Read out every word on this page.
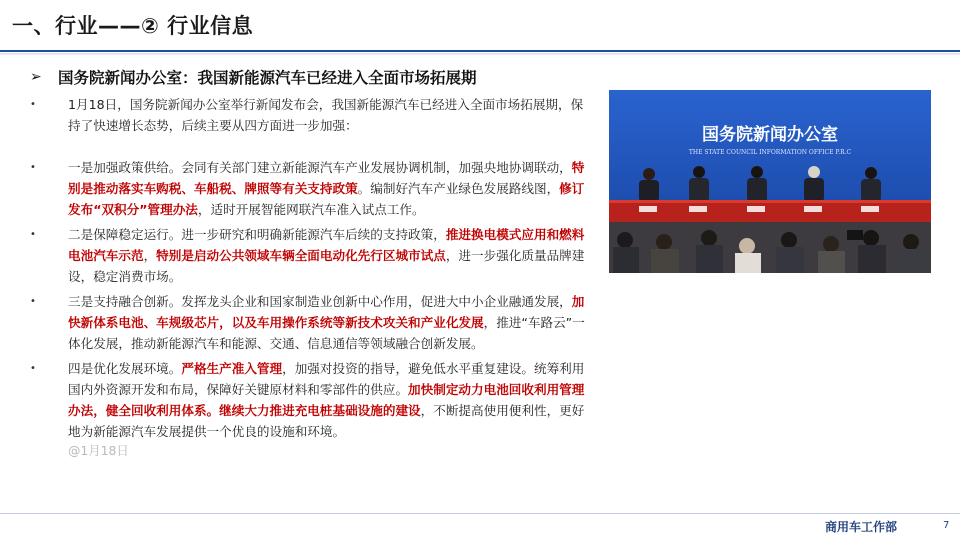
一、行业——② 行业信息
➢	国务院新闻办公室：我国新能源汽车已经进入全面市场拓展期
•	1月18日，国务院新闻办公室举行新闻发布会，我国新能源汽车已经进入全面市场拓展期，保持了快速增长态势，后续主要从四方面进一步加强：
•	一是加强政策供给。会同有关部门建立新能源汽车产业发展协调机制，加强央地协调联动，特别是推动落实车购税、车船税、牌照等有关支持政策。编制好汽车产业绿色发展路线图，修订发布“双积分”管理办法，适时开展智能网联汽车准入试点工作。
•	二是保障稳定运行。进一步研究和明确新能源汽车后续的支持政策，推进换电模式应用和燃料电池汽车示范，特别是启动公共领域车辆全面电动化先行区城市试点，进一步强化质量品牌建设，稳定消费市场。
•	三是支持融合创新。发挥龙头企业和国家制造业创新中心作用，促进大中小企业融通发展，加快新体系电池、车规级芯片，以及车用操作系统等新技术攻关和产业化发展，推进“车路云”一体化发展，推动新能源汽车和能源、交通、信息通信等领域融合创新发展。
•	四是优化发展环境。严格生产准入管理，加强对投资的指导，避免低水平重复建设。统筹利用国内外资源开发和布局，保障好关键原材料和零部件的供应。加快制定动力电池回收利用管理办法，健全回收利用体系。继续大力推进充电桩基础设施的建设，不断提高使用便利性，更好地为新能源汽车发展提供一个优良的设施和环境。
@1月18日
国务院新闻办公室
THE STATE COUNCIL INFORMATION OFFICE P.R.C
商用车工作部	7
